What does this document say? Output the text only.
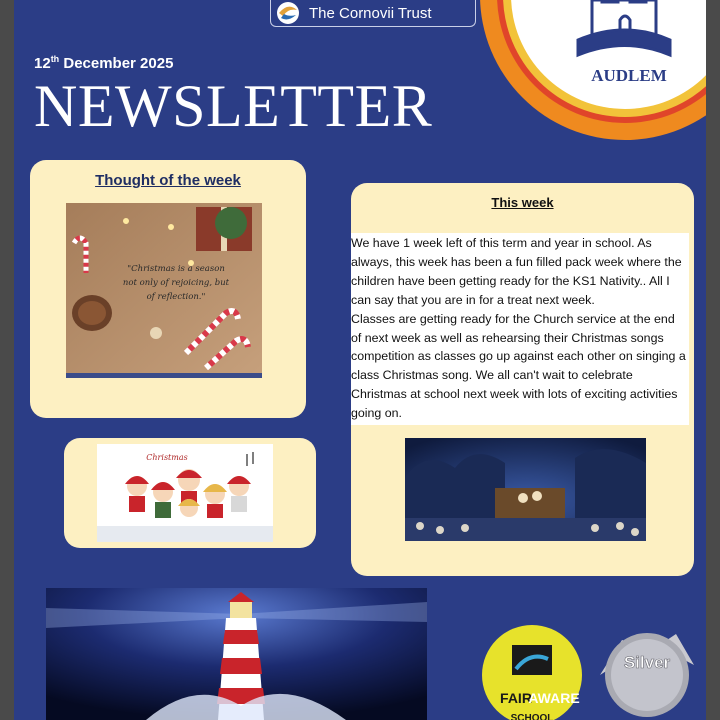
The Cornovii Trust
AUDLEM
12th December 2025
NEWSLETTER
Thought of the week
"Christmas is a season
not only of rejoicing, but
of reflection."
Christmas
This week

We have 1 week left of this term and year in school. As always, this week has been a fun filled pack week where the children have been getting ready for the KS1 Nativity.. All I can say that you are in for a treat next week.

Classes are getting ready for the Church service at the end of next week as well as rehearsing their Christmas songs competition as classes go up against each other on singing a class Christmas song. We all can't wait to celebrate Christmas at school next week with lots of exciting activities going on.

FAIR
AWARE
SCHOOL
Silver
